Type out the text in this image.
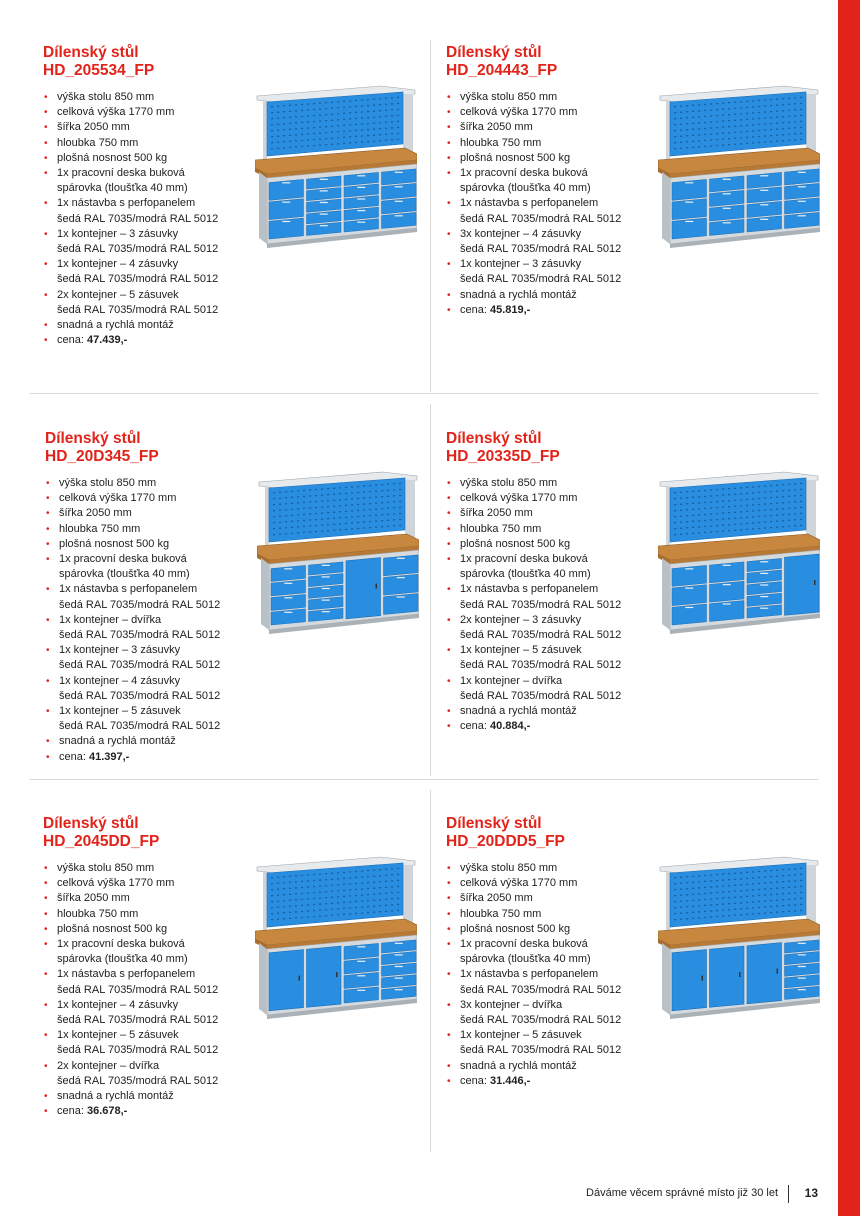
Dílenský stůl
HD_205534_FP
• výška stolu 850 mm
• celková výška 1770 mm
• šířka 2050 mm
• hloubka 750 mm
• plošná nosnost 500 kg
• 1x pracovní deska buková
spárovka (tloušťka 40 mm)
• 1x nástavba s perfopanelem
šedá RAL 7035/modrá RAL 5012
• 1x kontejner – 3 zásuvky
šedá RAL 7035/modrá RAL 5012
• 1x kontejner – 4 zásuvky
šedá RAL 7035/modrá RAL 5012
• 2x kontejner – 5 zásuvek
šedá RAL 7035/modrá RAL 5012
• snadná a rychlá montáž
• cena: 47.439,-
Dílenský stůl
HD_204443_FP
• výška stolu 850 mm
• celková výška 1770 mm
• šířka 2050 mm
• hloubka 750 mm
• plošná nosnost 500 kg
• 1x pracovní deska buková
spárovka (tloušťka 40 mm)
• 1x nástavba s perfopanelem
šedá RAL 7035/modrá RAL 5012
• 3x kontejner – 4 zásuvky
šedá RAL 7035/modrá RAL 5012
• 1x kontejner – 3 zásuvky
šedá RAL 7035/modrá RAL 5012
• snadná a rychlá montáž
• cena: 45.819,-
Dílenský stůl
HD_20D345_FP
• výška stolu 850 mm
• celková výška 1770 mm
• šířka 2050 mm
• hloubka 750 mm
• plošná nosnost 500 kg
• 1x pracovní deska buková
spárovka (tloušťka 40 mm)
• 1x nástavba s perfopanelem
šedá RAL 7035/modrá RAL 5012
• 1x kontejner – dvířka
šedá RAL 7035/modrá RAL 5012
• 1x kontejner – 3 zásuvky
šedá RAL 7035/modrá RAL 5012
• 1x kontejner – 4 zásuvky
šedá RAL 7035/modrá RAL 5012
• 1x kontejner – 5 zásuvek
šedá RAL 7035/modrá RAL 5012
• snadná a rychlá montáž
• cena: 41.397,-
Dílenský stůl
HD_20335D_FP
• výška stolu 850 mm
• celková výška 1770 mm
• šířka 2050 mm
• hloubka 750 mm
• plošná nosnost 500 kg
• 1x pracovní deska buková
spárovka (tloušťka 40 mm)
• 1x nástavba s perfopanelem
šedá RAL 7035/modrá RAL 5012
• 2x kontejner – 3 zásuvky
šedá RAL 7035/modrá RAL 5012
• 1x kontejner – 5 zásuvek
šedá RAL 7035/modrá RAL 5012
• 1x kontejner – dvířka
šedá RAL 7035/modrá RAL 5012
• snadná a rychlá montáž
• cena: 40.884,-
Dílenský stůl
HD_2045DD_FP
• výška stolu 850 mm
• celková výška 1770 mm
• šířka 2050 mm
• hloubka 750 mm
• plošná nosnost 500 kg
• 1x pracovní deska buková
spárovka (tloušťka 40 mm)
• 1x nástavba s perfopanelem
šedá RAL 7035/modrá RAL 5012
• 1x kontejner – 4 zásuvky
šedá RAL 7035/modrá RAL 5012
• 1x kontejner – 5 zásuvek
šedá RAL 7035/modrá RAL 5012
• 2x kontejner – dvířka
šedá RAL 7035/modrá RAL 5012
• snadná a rychlá montáž
• cena: 36.678,-
Dílenský stůl
HD_20DDD5_FP
• výška stolu 850 mm
• celková výška 1770 mm
• šířka 2050 mm
• hloubka 750 mm
• plošná nosnost 500 kg
• 1x pracovní deska buková
spárovka (tloušťka 40 mm)
• 1x nástavba s perfopanelem
šedá RAL 7035/modrá RAL 5012
• 3x kontejner – dvířka
šedá RAL 7035/modrá RAL 5012
• 1x kontejner – 5 zásuvek
šedá RAL 7035/modrá RAL 5012
• snadná a rychlá montáž
• cena: 31.446,-
Dáváme věcem správné místo již 30 let 13
